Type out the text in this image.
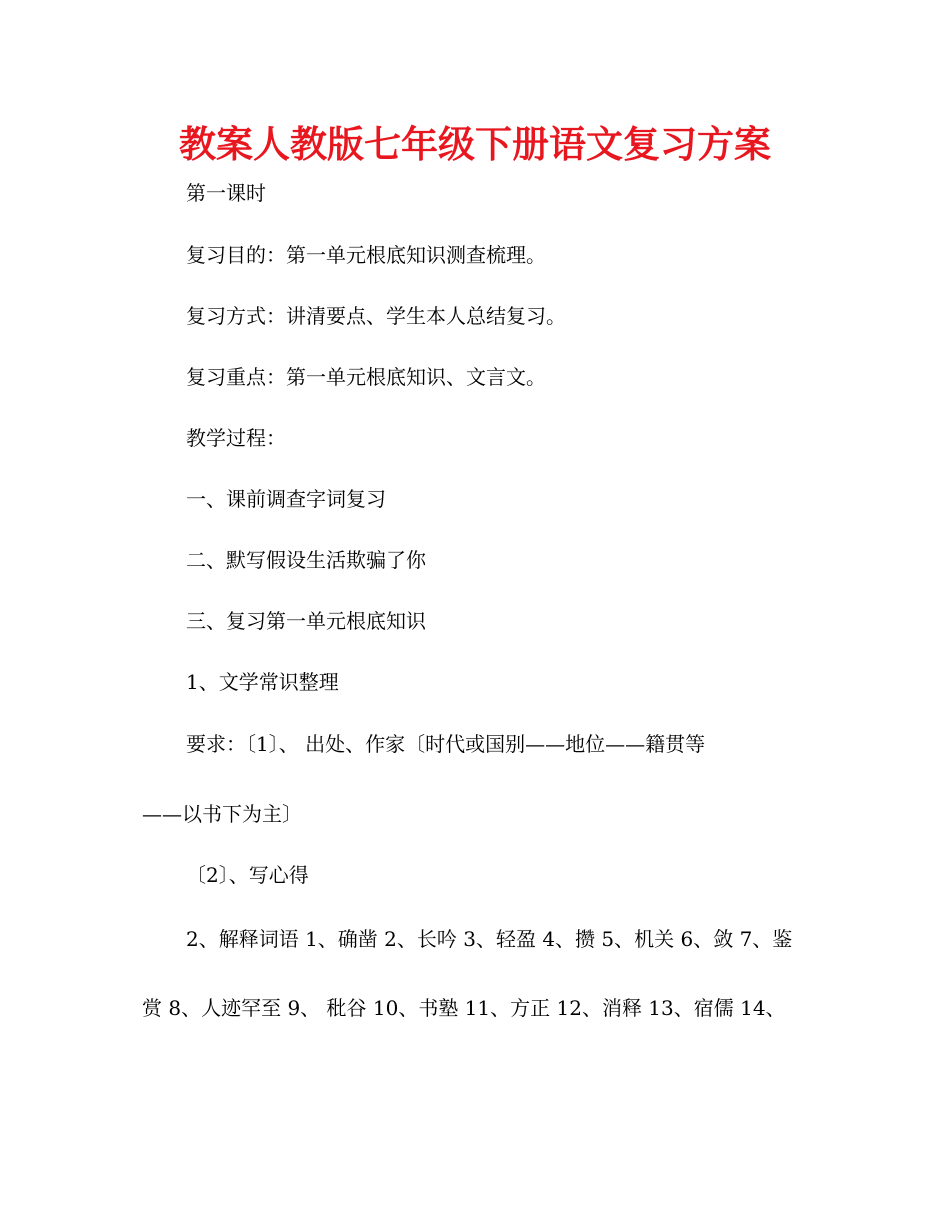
教案人教版七年级下册语文复习方案
第一课时
复习目的：第一单元根底知识测查梳理。
复习方式：讲清要点、学生本人总结复习。
复习重点：第一单元根底知识、文言文。
教学过程：
一、课前调查字词复习
二、默写假设生活欺骗了你
三、复习第一单元根底知识
1、文学常识整理
要求：〔1〕、 出处、作家〔时代或国别——地位——籍贯等
——以书下为主〕
〔2〕、写心得
2、解释词语 1、确凿 2、长吟 3、轻盈 4、攒 5、机关 6、敛 7、鉴
赏 8、人迹罕至 9、 秕谷 10、书塾 11、方正 12、消释 13、宿儒 14、
